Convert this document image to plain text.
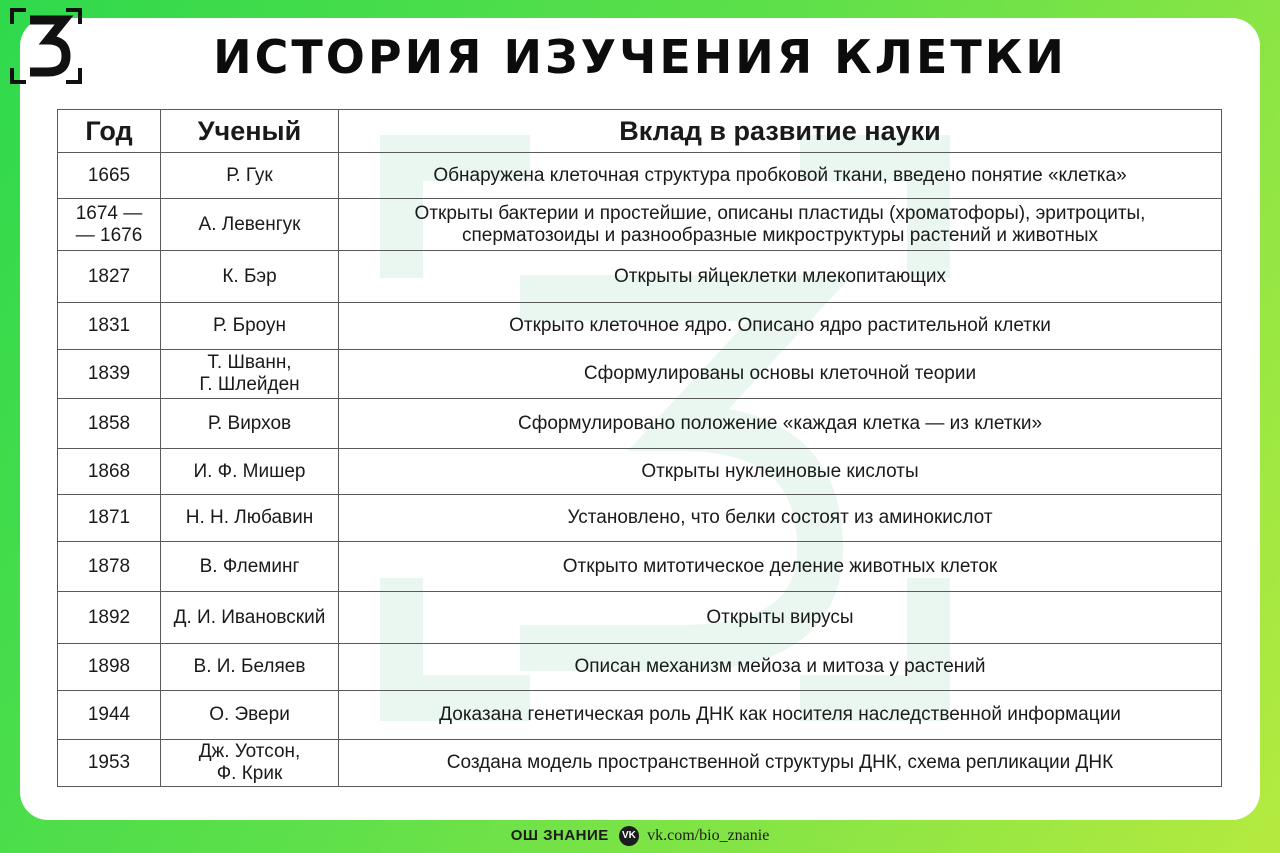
ИСТОРИЯ ИЗУЧЕНИЯ КЛЕТКИ
Год	Ученый	Вклад в развитие науки
1665	Р. Гук	Обнаружена клеточная структура пробковой ткани, введено понятие «клетка»
1674 —
— 1676	А. Левенгук	Открыты бактерии и простейшие, описаны пластиды (хроматофоры), эритроциты,
сперматозоиды и разнообразные микроструктуры растений и животных
1827	К. Бэр	Открыты яйцеклетки млекопитающих
1831	Р. Броун	Открыто клеточное ядро. Описано ядро растительной клетки
1839	Т. Шванн,
Г. Шлейден	Сформулированы основы клеточной теории
1858	Р. Вирхов	Сформулировано положение «каждая клетка — из клетки»
1868	И. Ф. Мишер	Открыты нуклеиновые кислоты
1871	Н. Н. Любавин	Установлено, что белки состоят из аминокислот
1878	В. Флеминг	Открыто митотическое деление животных клеток
1892	Д. И. Ивановский	Открыты вирусы
1898	В. И. Беляев	Описан механизм мейоза и митоза у растений
1944	О. Эвери	Доказана генетическая роль ДНК как носителя наследственной информации
1953	Дж. Уотсон,
Ф. Крик	Создана модель пространственной структуры ДНК, схема репликации ДНК
ОШ ЗНАНИЕ VK vk.com/bio_znanie
